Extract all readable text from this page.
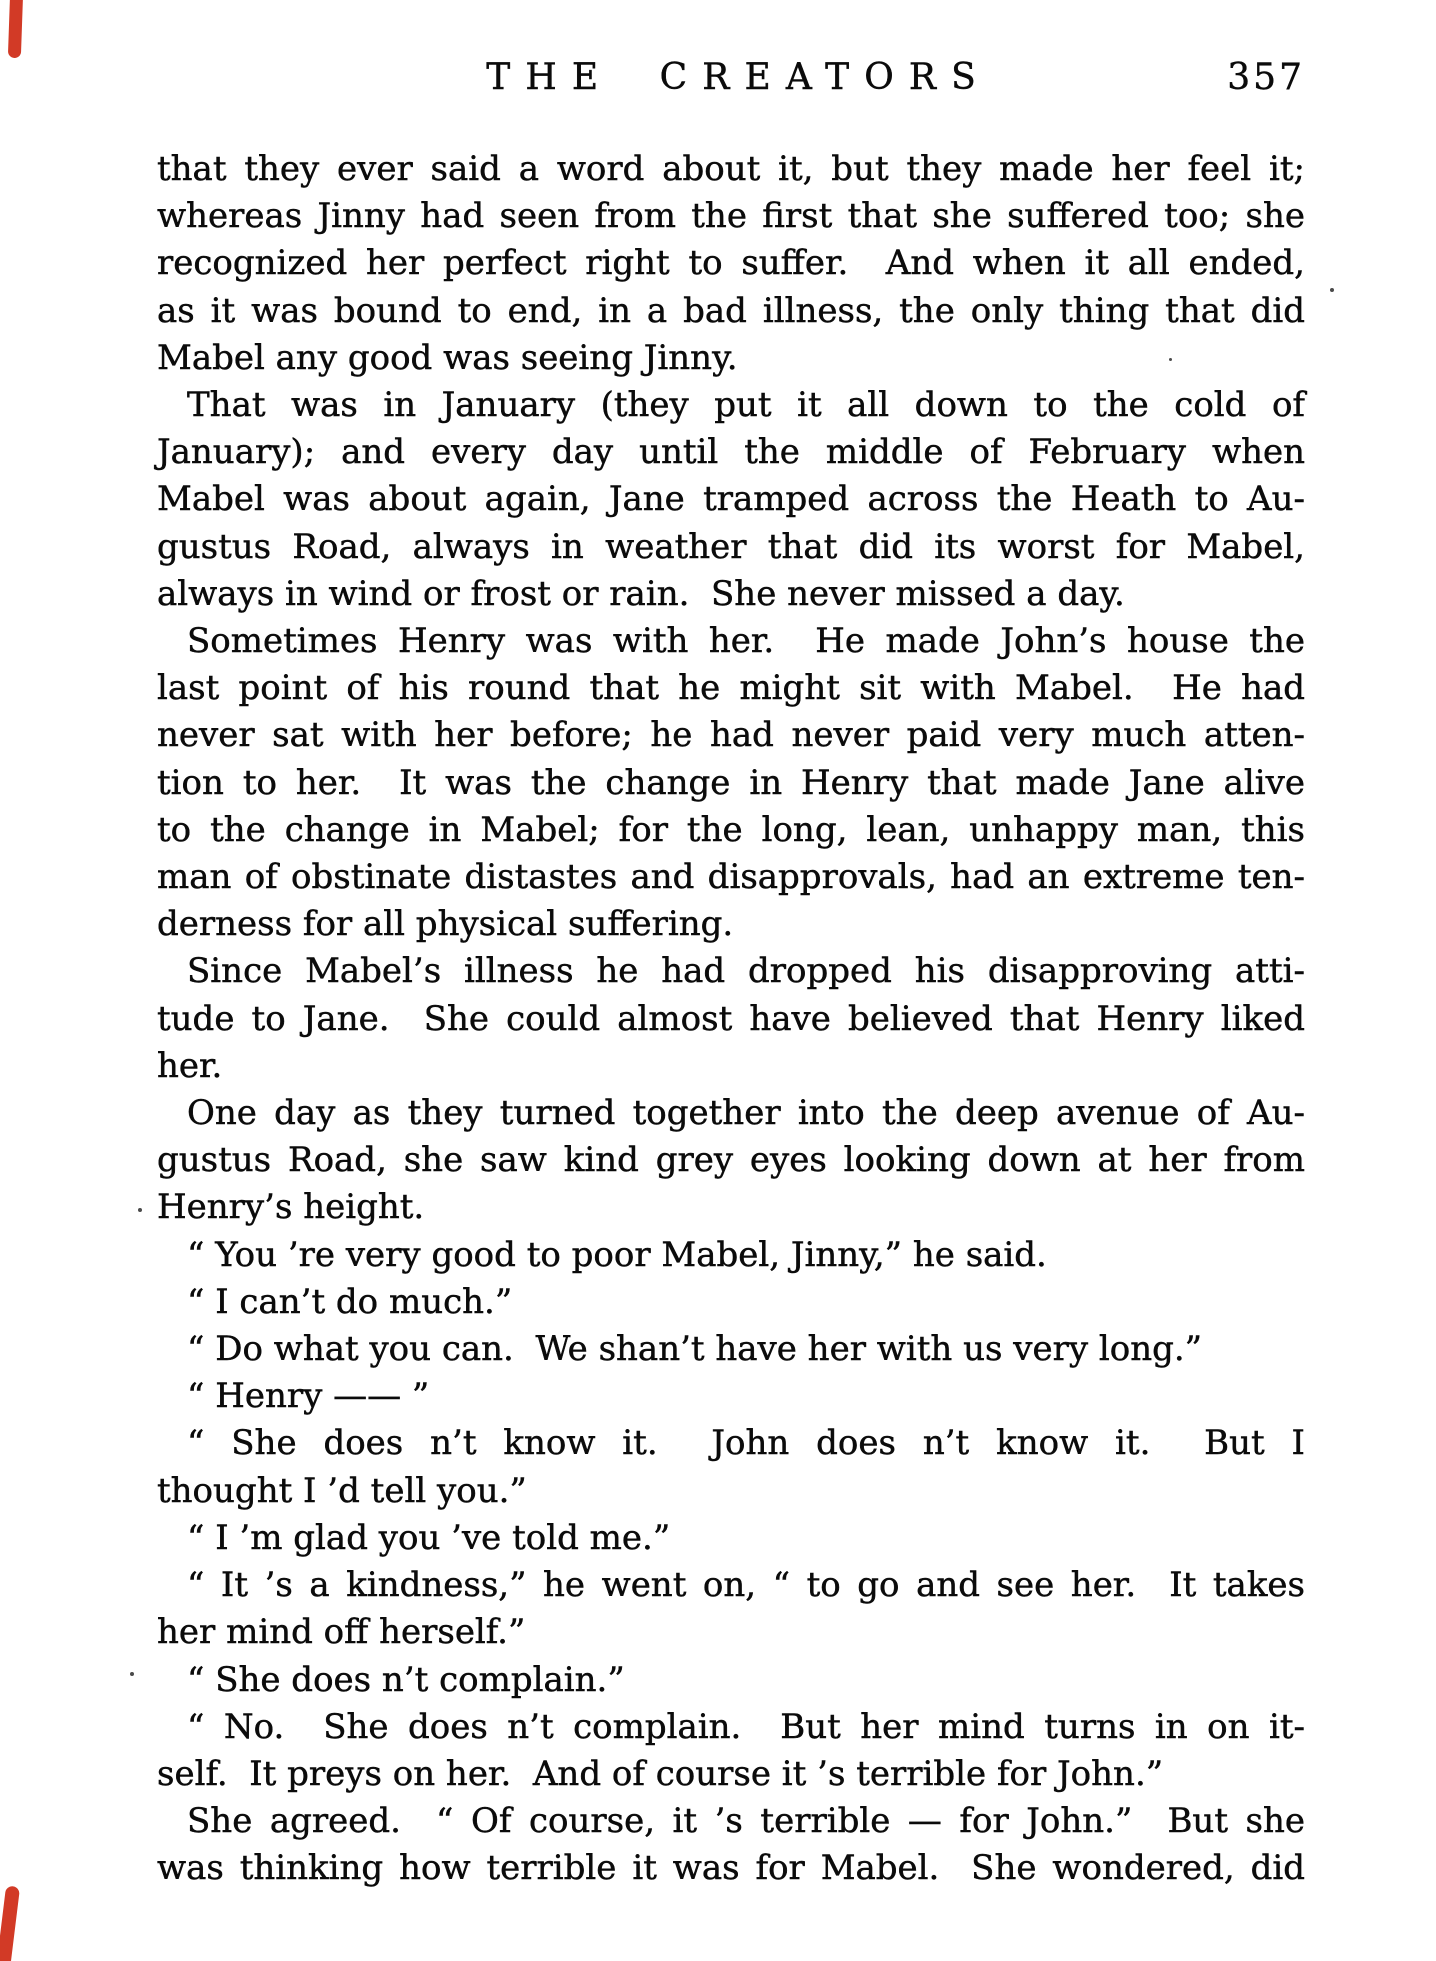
THE CREATORS	357
that they ever said a word about it, but they made her feel it;
whereas Jinny had seen from the first that she suffered too; she
recognized her perfect right to suffer.  And when it all ended,
as it was bound to end, in a bad illness, the only thing that did
Mabel any good was seeing Jinny.
That was in January (they put it all down to the cold of
January); and every day until the middle of February when
Mabel was about again, Jane tramped across the Heath to Au-
gustus Road, always in weather that did its worst for Mabel,
always in wind or frost or rain.  She never missed a day.
Sometimes Henry was with her.  He made John’s house the
last point of his round that he might sit with Mabel.  He had
never sat with her before; he had never paid very much atten-
tion to her.  It was the change in Henry that made Jane alive
to the change in Mabel; for the long, lean, unhappy man, this
man of obstinate distastes and disapprovals, had an extreme ten-
derness for all physical suffering.
Since Mabel’s illness he had dropped his disapproving atti-
tude to Jane.  She could almost have believed that Henry liked
her.
One day as they turned together into the deep avenue of Au-
gustus Road, she saw kind grey eyes looking down at her from
Henry’s height.
“ You ’re very good to poor Mabel, Jinny,” he said.
“ I can’t do much.”
“ Do what you can.  We shan’t have her with us very long.”
“ Henry —— ”
“ She does n’t know it.  John does n’t know it.  But I
thought I ’d tell you.”
“ I ’m glad you ’ve told me.”
“ It ’s a kindness,” he went on, “ to go and see her.  It takes
her mind off herself.”
“ She does n’t complain.”
“ No.  She does n’t complain.  But her mind turns in on it-
self.  It preys on her.  And of course it ’s terrible for John.”
She agreed.  “ Of course, it ’s terrible — for John.”  But she
was thinking how terrible it was for Mabel.  She wondered, did
